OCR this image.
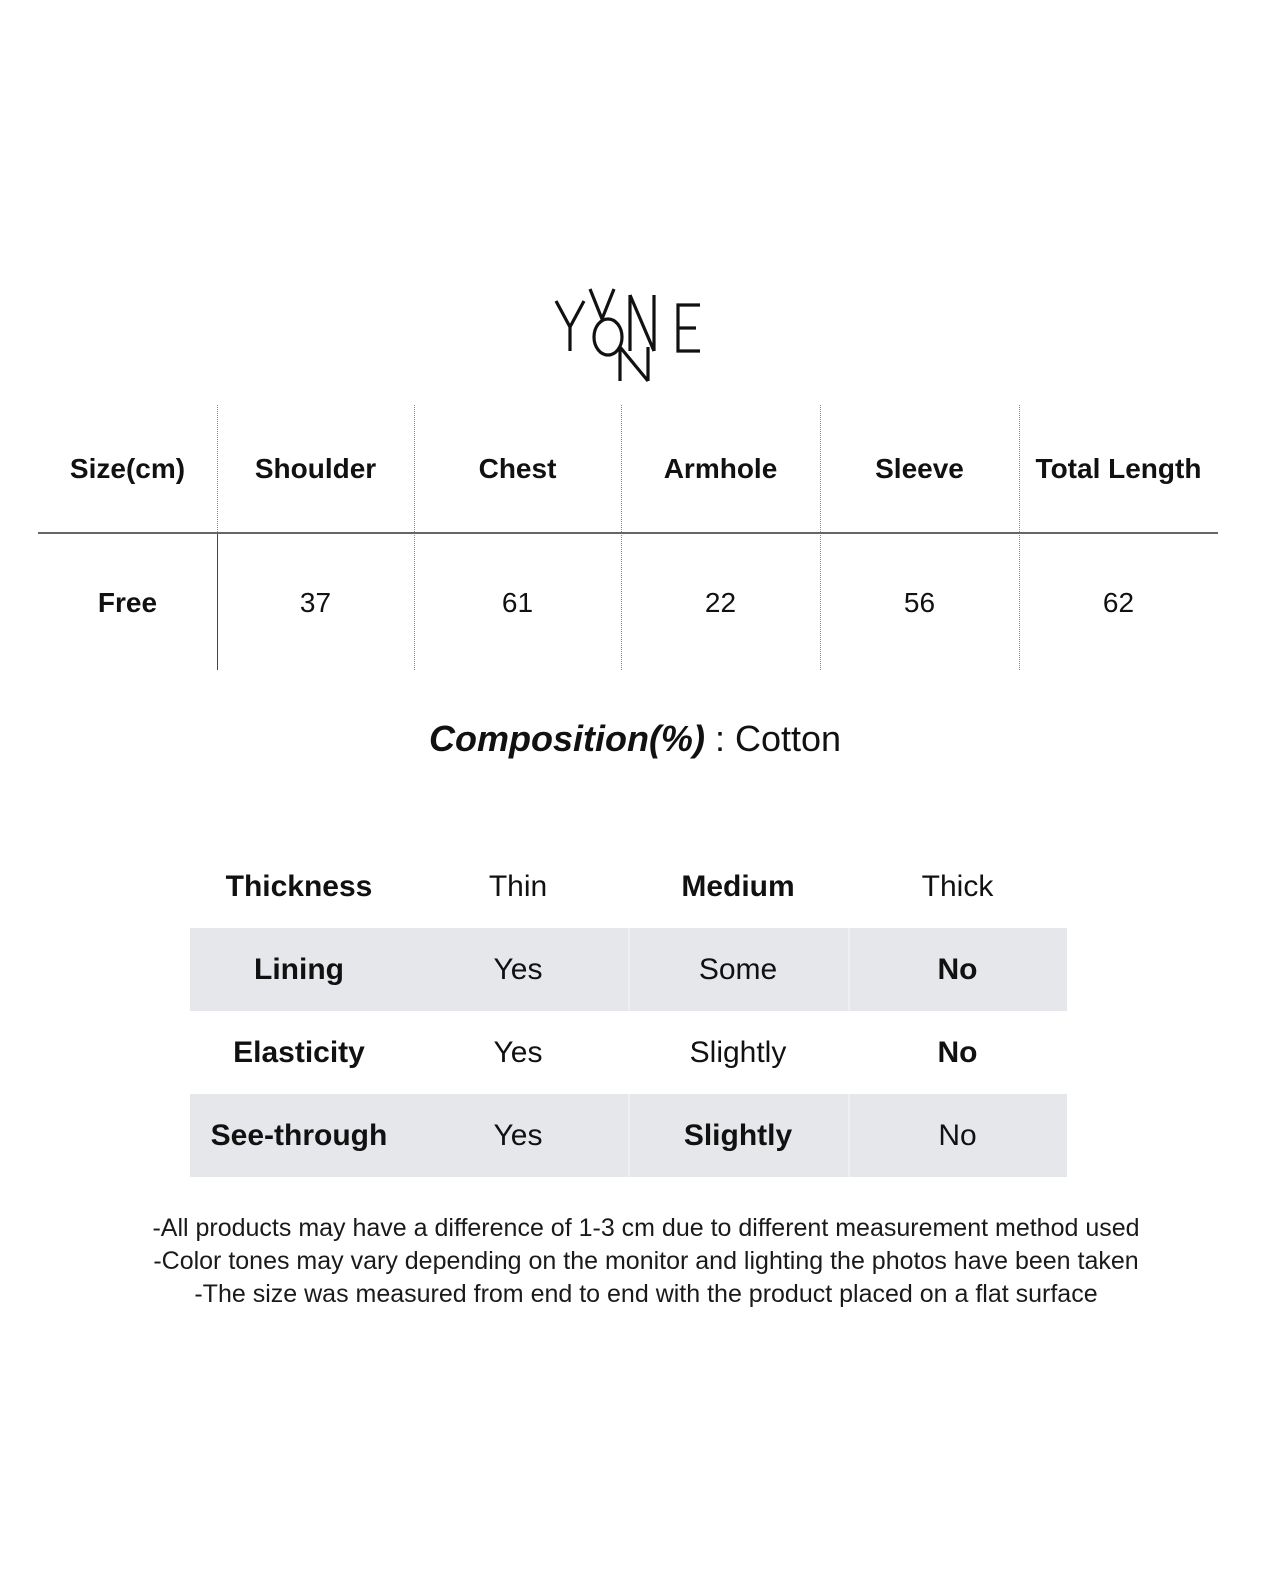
Size(cm)	Shoulder	Chest	Armhole	Sleeve	Total Length
Free	37	61	22	56	62
Composition(%) : Cotton
Thickness	Thin	Medium	Thick
Lining	Yes	Some	No
Elasticity	Yes	Slightly	No
See-through	Yes	Slightly	No
-All products may have a difference of 1-3 cm due to different measurement method used
-Color tones may vary depending on the monitor and lighting the photos have been taken
-The size was measured from end to end with the product placed on a flat surface
